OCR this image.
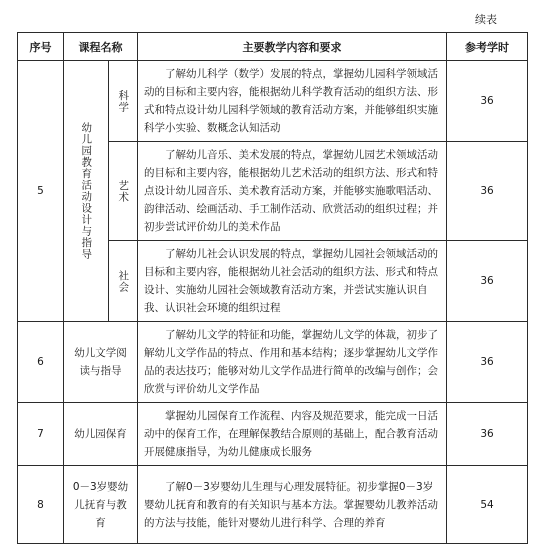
续表
序号	课程名称		主要教学内容和要求	参考学时
5	幼儿园教育活动设计与指导	科学	了解幼儿科学（数学）发展的特点，掌握幼儿园科学领域活动的目标和主要内容，能根据幼儿科学教育活动的组织方法、形式和特点设计幼儿园科学领域的教育活动方案，并能够组织实施科学小实验、数概念认知活动	36

		艺术	了解幼儿音乐、美术发展的特点，掌握幼儿园艺术领域活动的目标和主要内容，能根据幼儿艺术活动的组织方法、形式和特点设计幼儿园音乐、美术教育活动方案，并能够实施歌唱活动、韵律活动、绘画活动、手工制作活动、欣赏活动的组织过程；并初步尝试评价幼儿的美术作品	36

		社会	了解幼儿社会认识发展的特点，掌握幼儿园社会领域活动的目标和主要内容，能根据幼儿社会活动的组织方法、形式和特点设计、实施幼儿园社会领域教育活动方案，并尝试实施认识自我、认识社会环境的组织过程	36
6	幼儿文学阅读与指导		了解幼儿文学的特征和功能，掌握幼儿文学的体裁，初步了解幼儿文学作品的特点、作用和基本结构；逐步掌握幼儿文学作品的表达技巧；能够对幼儿文学作品进行简单的改编与创作；会欣赏与评价幼儿文学作品	36
7	幼儿园保育		掌握幼儿园保育工作流程、内容及规范要求，能完成一日活动中的保育工作，在理解保教结合原则的基础上，配合教育活动开展健康指导，为幼儿健康成长服务	36
8	0－3岁婴幼儿抚育与教育		了解0－3岁婴幼儿生理与心理发展特征。初步掌握0－3岁婴幼儿抚育和教育的有关知识与基本方法。掌握婴幼儿教养活动的方法与技能，能针对婴幼儿进行科学、合理的养育	54
